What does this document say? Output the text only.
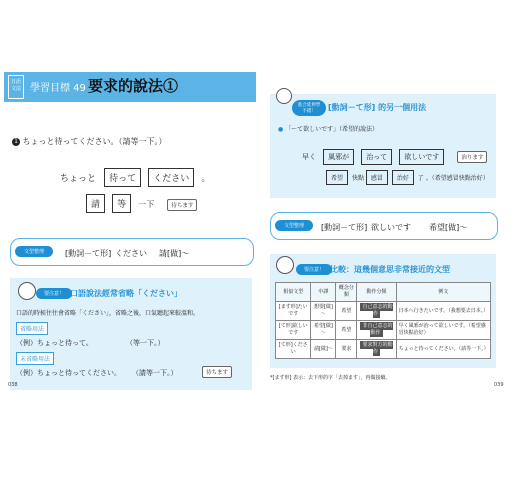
日語文法 學習目標 49 要求的說法①
1 ちょっと待ってください。（請等一下。）
ちょっと 待って ください 。
請 等 一下	待ちます
文型整理	[動詞－て形] ください 請[做]～
要注意！ 口語說法經常省略「ください」
口語的時候往往會省略「ください」，省略之後，口氣聽起來較溫和。
省略用法
（例）ちょっと待って。	（等一下。）
未省略用法
（例）ちょっと待ってください。 （請等一下。）	待ちます
038
進合延伸學不錯！	[動詞－て形] 的另一個用法
● 「～て欲しいです」（希望的說法）
早く 風邪が 治って 欲しいです	治ります
希望 快點 感冒 治好 了 。（希望感冒快點治好）
文型整理	[動詞－て形] 欲しいです 希望[做]～
要注意！ 比較：這幾個意思非常接近的文型
相似文型	中譯	概念分類	動作分類	例文
[ます形]たいです	想要[做]～	希望	自己意志的動作	日本へ行きたいです。（我想要去日本。）
[て形]欲しいです	希望[做]～	希望	非自己意志的動作	早く風邪が治って欲しいです。（希望感冒快點治好）
[て形]ください	請[做]～	要求	要求對方的動作	ちょっと待ってください。（請等一下。）
*[ます形] 表示：去下形的字「去掉ます」，再做接續。
039
